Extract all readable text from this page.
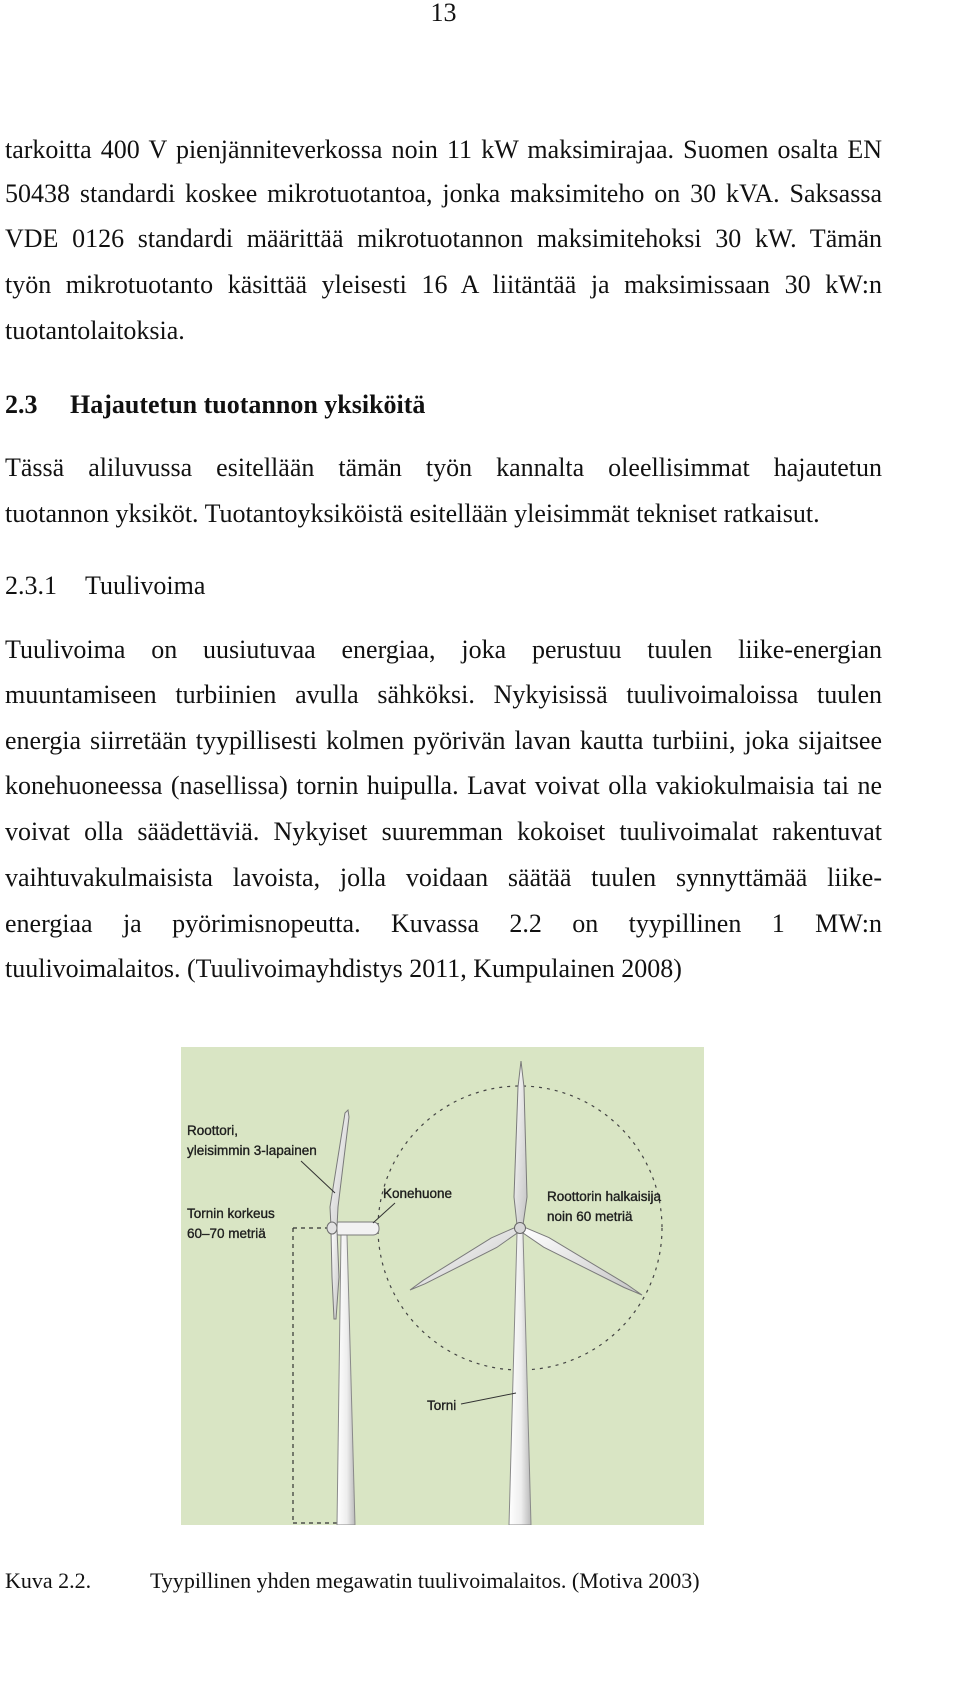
13
tarkoitta 400 V pienjänniteverkossa noin 11 kW maksimirajaa. Suomen osalta EN
50438 standardi koskee mikrotuotantoa, jonka maksimiteho on 30 kVA. Saksassa
VDE 0126 standardi määrittää mikrotuotannon maksimitehoksi 30 kW. Tämän
työn mikrotuotanto käsittää yleisesti 16 A liitäntää ja maksimissaan 30 kW:n
tuotantolaitoksia.
2.3 Hajautetun tuotannon yksiköitä
Tässä aliluvussa esitellään tämän työn kannalta oleellisimmat hajautetun
tuotannon yksiköt. Tuotantoyksiköistä esitellään yleisimmät tekniset ratkaisut.
2.3.1 Tuulivoima
Tuulivoima on uusiutuvaa energiaa, joka perustuu tuulen liike-energian
muuntamiseen turbiinien avulla sähköksi. Nykyisissä tuulivoimaloissa tuulen
energia siirretään tyypillisesti kolmen pyörivän lavan kautta turbiini, joka sijaitsee
konehuoneessa (nasellissa) tornin huipulla. Lavat voivat olla vakiokulmaisia tai ne
voivat olla säädettäviä. Nykyiset suuremman kokoiset tuulivoimalat rakentuvat
vaihtuvakulmaisista lavoista, jolla voidaan säätää tuulen synnyttämää liike-
energiaa ja pyörimisnopeutta. Kuvassa 2.2 on tyypillinen 1 MW:n
tuulivoimalaitos. (Tuulivoimayhdistys 2011, Kumpulainen 2008)
Roottori,
yleisimmin 3-lapainen
Konehuone	Roottorin halkaisija
noin 60 metriä
Tornin korkeus
60–70 metriä
Torni
Kuva 2.2.	Tyypillinen yhden megawatin tuulivoimalaitos. (Motiva 2003)
